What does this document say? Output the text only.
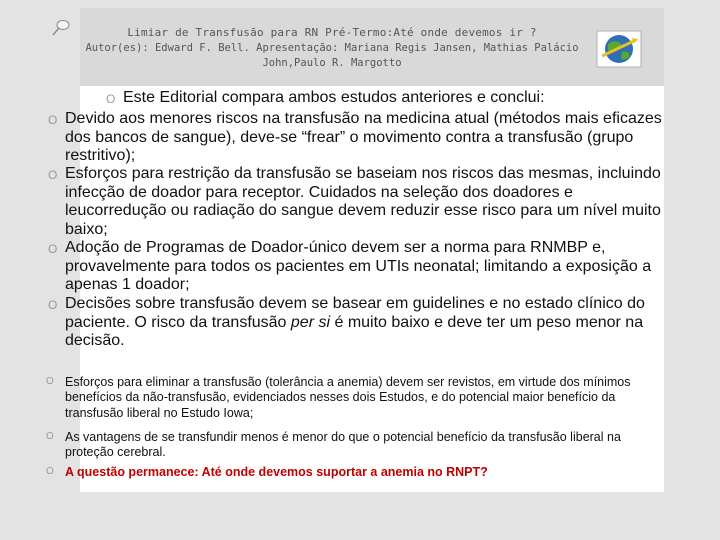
Limiar de Transfusão para RN Pré-Termo:Até onde devemos ir ?
Autor(es): Edward F. Bell. Apresentação: Mariana Regis Jansen, Mathias Palácio John,Paulo R. Margotto
O Este Editorial compara ambos estudos anteriores e conclui:
O Devido aos menores riscos na transfusão na medicina atual (métodos mais eficazes dos bancos de sangue), deve-se “frear” o movimento contra a transfusão (grupo restritivo);
O Esforços para restrição da transfusão se baseiam nos riscos das mesmas, incluindo infecção de doador para receptor. Cuidados na seleção dos doadores e leucorredução ou radiação do sangue devem reduzir esse risco para um nível muito baixo;
O Adoção de Programas de Doador-único devem ser a norma para RNMBP e, provavelmente para todos os pacientes em UTIs neonatal; limitando a exposição a apenas 1 doador;
O Decisões sobre transfusão devem se basear em guidelines e no estado clínico do paciente. O risco da transfusão per si é muito baixo e deve ter um peso menor na decisão.
O Esforços para eliminar a transfusão (tolerância a anemia) devem ser revistos, em virtude dos mínimos benefícios da não-transfusão, evidenciados nesses dois Estudos, e do potencial maior benefício da transfusão liberal no Estudo Iowa;
O As vantagens de se transfundir menos é menor do que o potencial benefício da transfusão liberal na proteção cerebral.
O A questão permanece: Até onde devemos suportar a anemia no RNPT?
